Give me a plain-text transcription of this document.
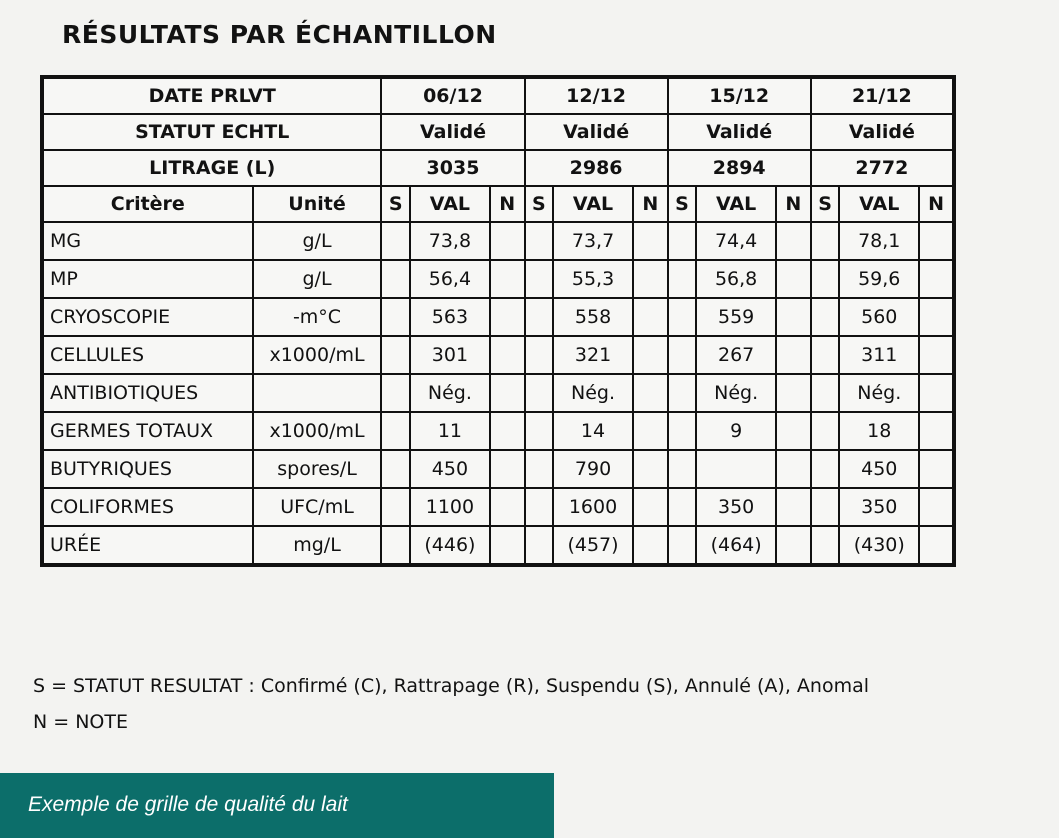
RÉSULTATS PAR ÉCHANTILLON
DATE PRLVT		06/12			12/12			15/12			21/12		
STATUT ECHTL		Validé			Validé			Validé			Validé		
LITRAGE (L)		3035			2986			2894			2772		
Critère	Unité	S	VAL	N	S	VAL	N	S	VAL	N	S	VAL	N
MG	g/L		73,8			73,7			74,4			78,1	
MP	g/L		56,4			55,3			56,8			59,6	
CRYOSCOPIE	-m°C		563			558			559			560	
CELLULES	x1000/mL		301			321			267			311	
ANTIBIOTIQUES			Nég.			Nég.			Nég.			Nég.	
GERMES TOTAUX	x1000/mL		11			14			9			18	
BUTYRIQUES	spores/L		450			790						450	
COLIFORMES	UFC/mL		1100			1600			350			350	
URÉE	mg/L		(446)			(457)			(464)			(430)	
S = STATUT RESULTAT : Confirmé (C), Rattrapage (R), Suspendu (S), Annulé (A), Anomal
N = NOTE
Exemple de grille de qualité du lait
